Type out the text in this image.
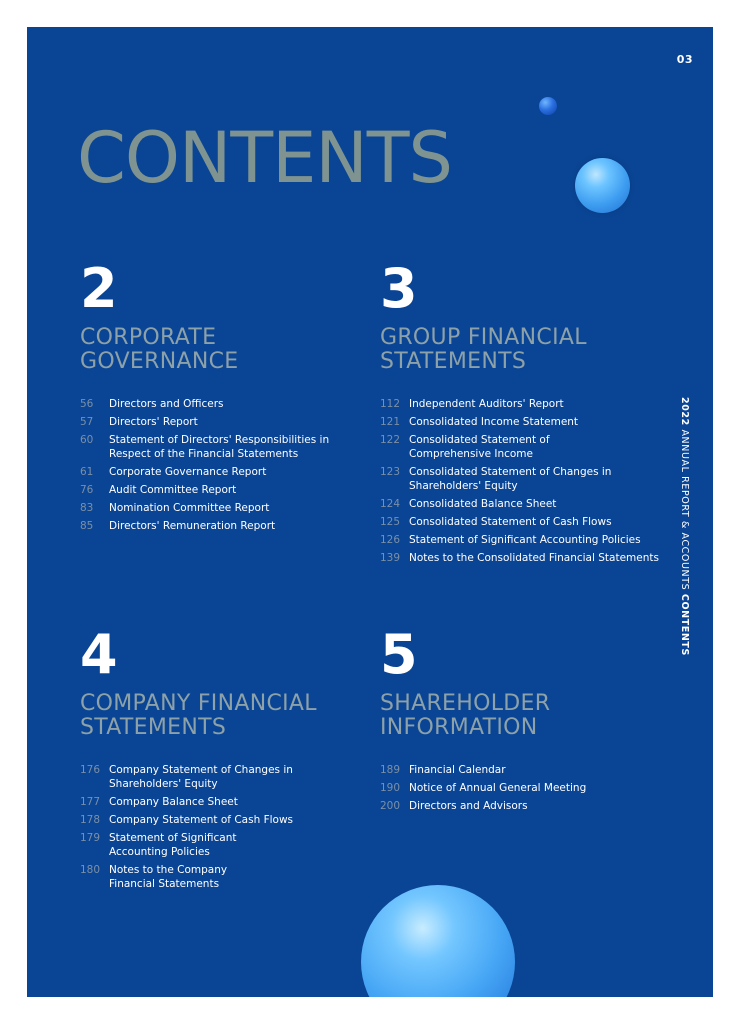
03
CONTENTS
2022 ANNUAL REPORT & ACCOUNTS CONTENTS
2
CORPORATE
GOVERNANCE
56	Directors and Officers
57	Directors' Report
60	Statement of Directors' Responsibilities in
Respect of the Financial Statements
61	Corporate Governance Report
76	Audit Committee Report
83	Nomination Committee Report
85	Directors' Remuneration Report
3
GROUP FINANCIAL
STATEMENTS
112 Independent Auditors' Report
121 Consolidated Income Statement
122 Consolidated Statement of
Comprehensive Income
123 Consolidated Statement of Changes in
Shareholders' Equity
124 Consolidated Balance Sheet
125 Consolidated Statement of Cash Flows
126 Statement of Significant Accounting Policies
139 Notes to the Consolidated Financial Statements
4
COMPANY FINANCIAL
STATEMENTS
176 Company Statement of Changes in
Shareholders' Equity
177 Company Balance Sheet
178 Company Statement of Cash Flows
179 Statement of Significant
Accounting Policies
180 Notes to the Company
Financial Statements
5
SHAREHOLDER
INFORMATION
189 Financial Calendar
190 Notice of Annual General Meeting
200 Directors and Advisors
